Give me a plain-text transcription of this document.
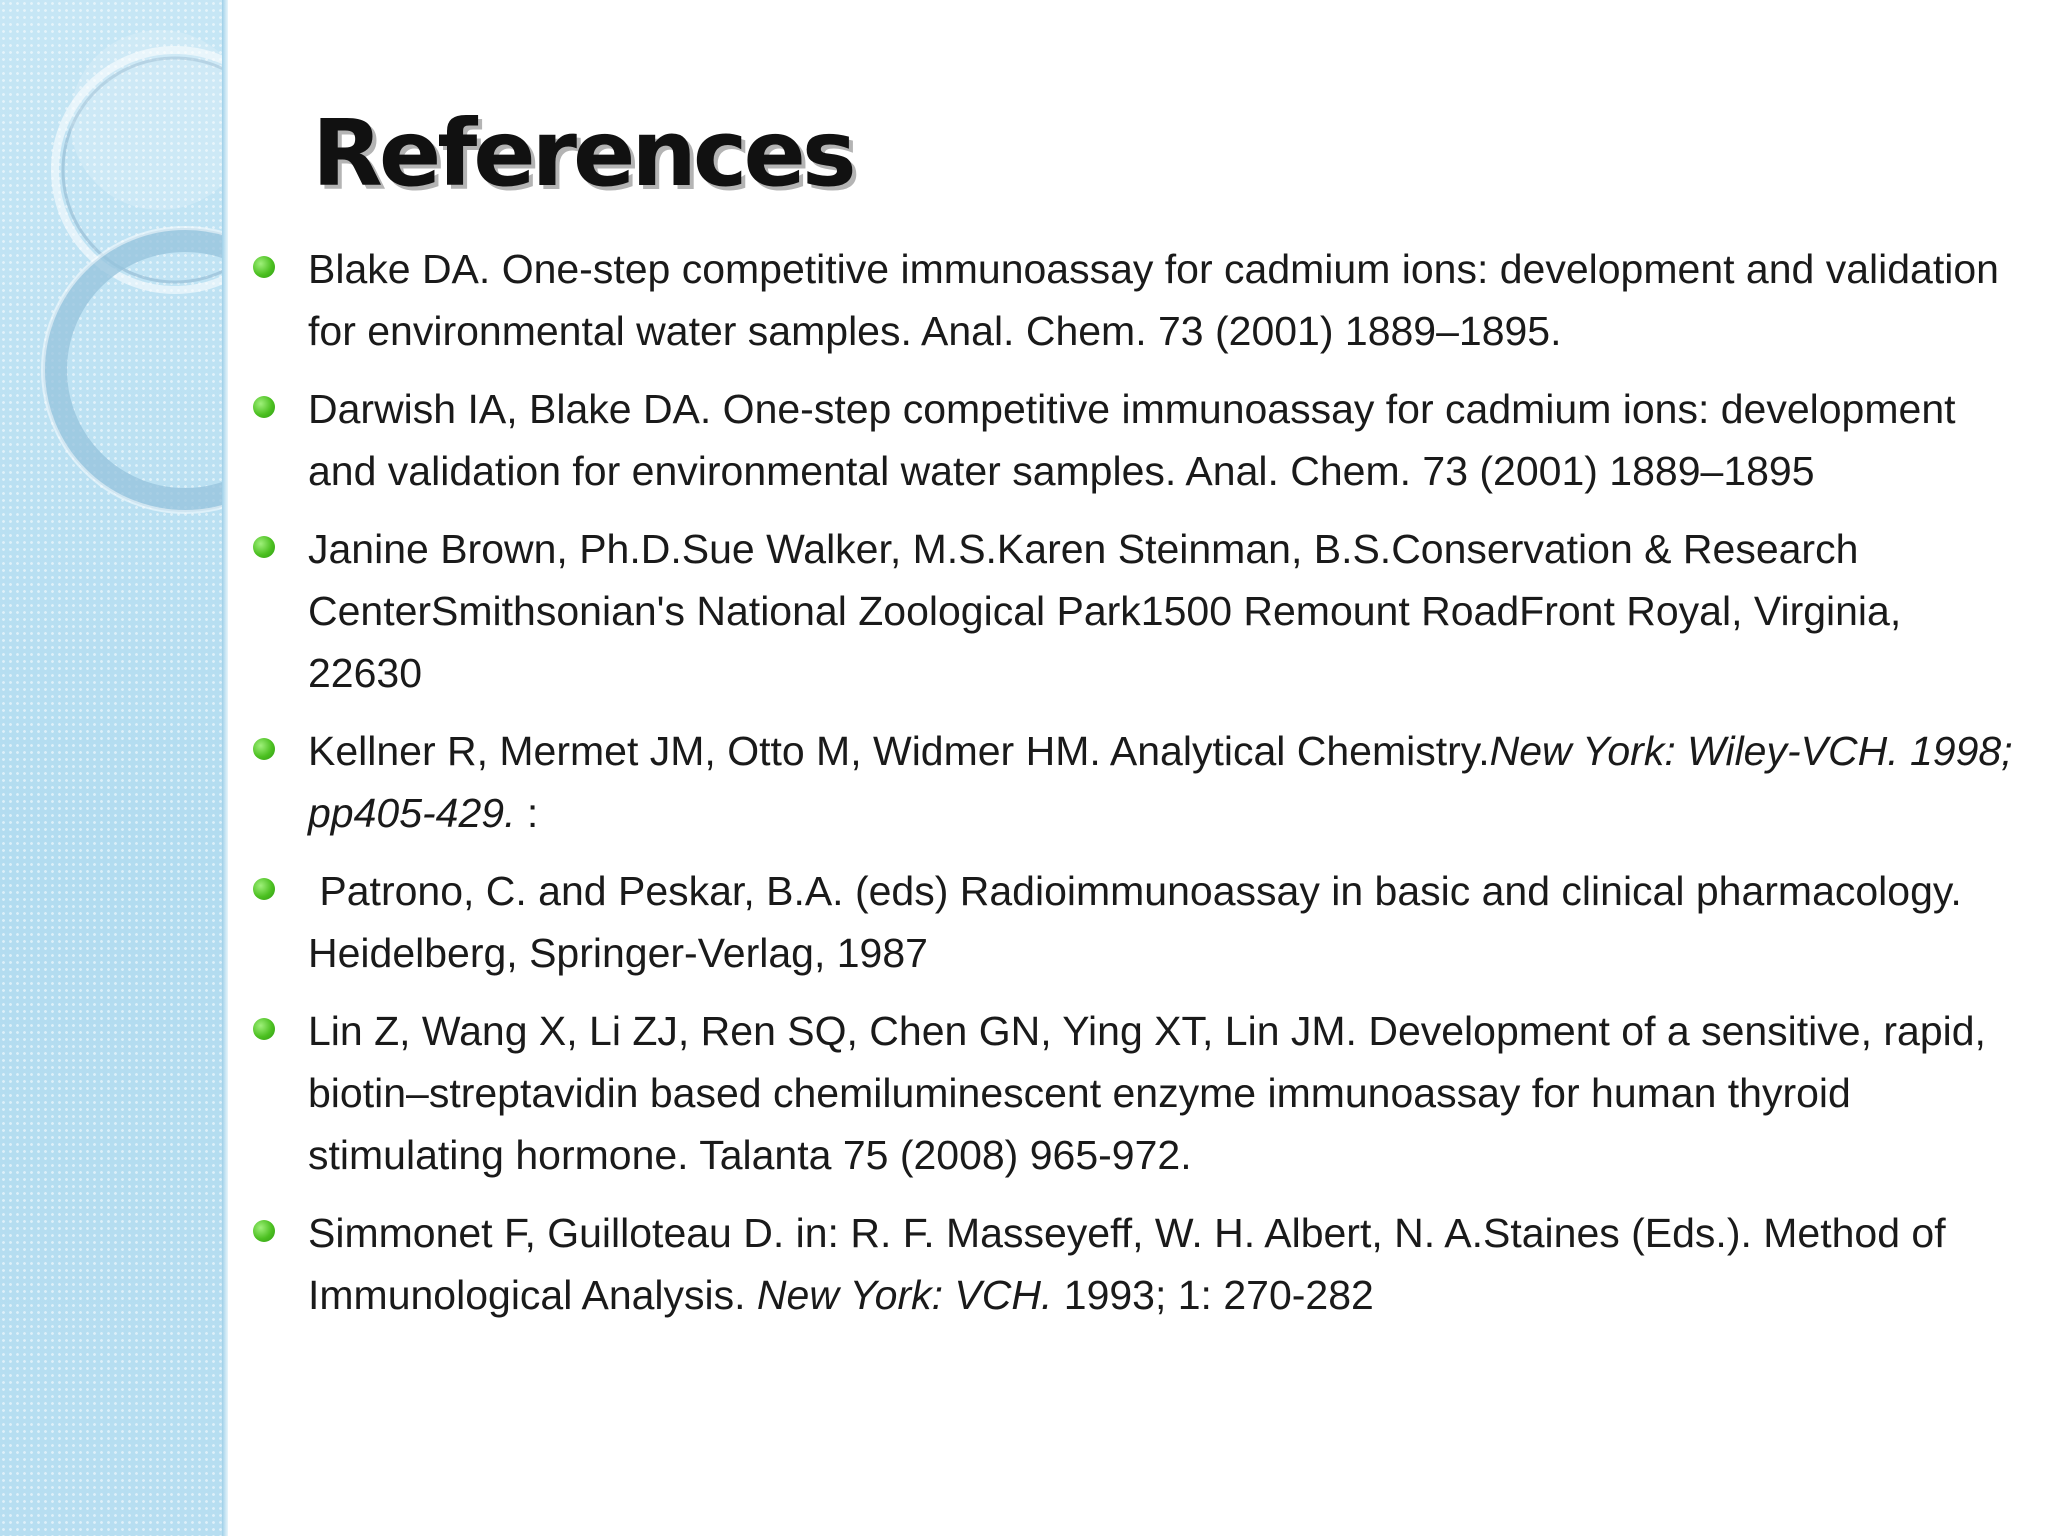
References
Blake DA. One-step competitive immunoassay for cadmium ions: development and validation for environmental water samples. Anal. Chem. 73 (2001) 1889–1895.
Darwish IA, Blake DA. One-step competitive immunoassay for cadmium ions: development and validation for environmental water samples. Anal. Chem. 73 (2001) 1889–1895
Janine Brown, Ph.D.Sue Walker, M.S.Karen Steinman, B.S.Conservation & Research CenterSmithsonian's National Zoological Park1500 Remount RoadFront Royal, Virginia, 22630
Kellner R, Mermet JM, Otto M, Widmer HM. Analytical Chemistry.New York: Wiley-VCH. 1998; pp405-429. :
Patrono, C. and Peskar, B.A. (eds) Radioimmunoassay in basic and clinical pharmacology. Heidelberg, Springer-Verlag, 1987
Lin Z, Wang X, Li ZJ, Ren SQ, Chen GN, Ying XT, Lin JM. Development of a sensitive, rapid, biotin–streptavidin based chemiluminescent enzyme immunoassay for human thyroid stimulating hormone. Talanta 75 (2008) 965-972.
Simmonet F, Guilloteau D. in: R. F. Masseyeff, W. H. Albert, N. A.Staines (Eds.). Method of Immunological Analysis. New York: VCH. 1993; 1: 270-282
